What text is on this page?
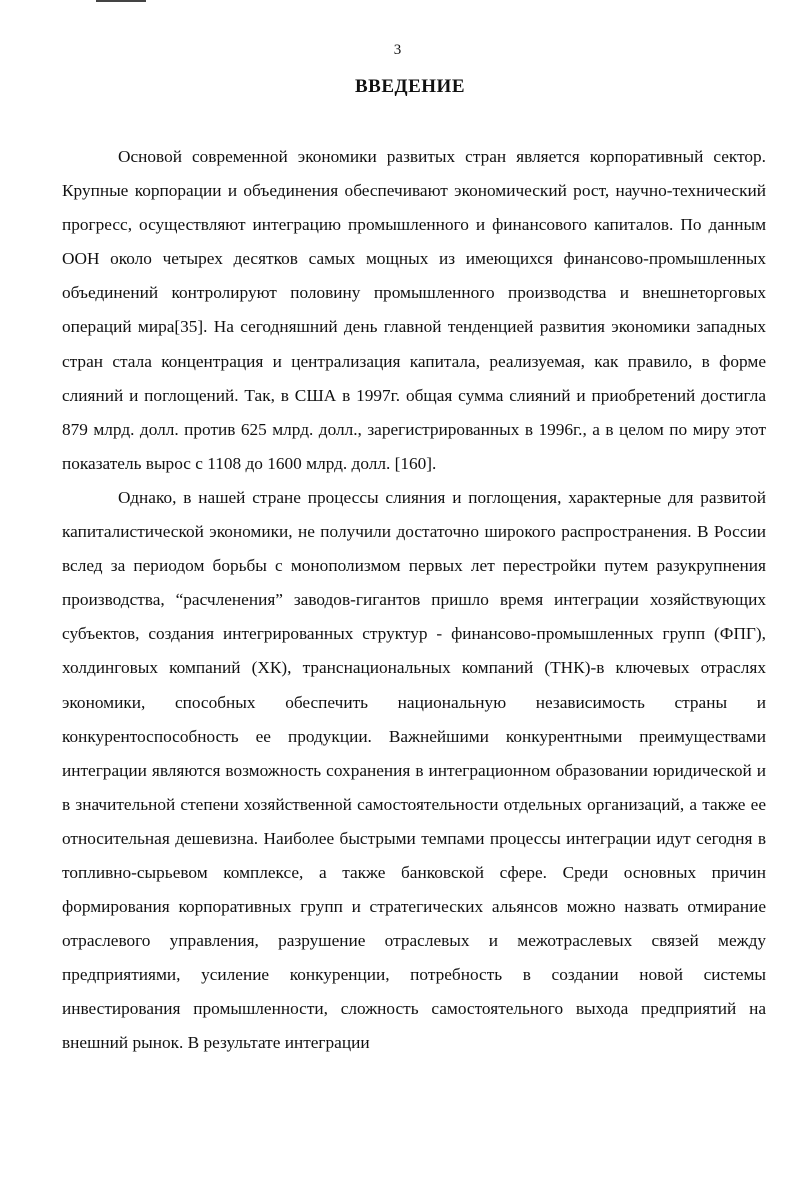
3
ВВЕДЕНИЕ

Основой современной экономики развитых стран является корпоративный сектор. Крупные корпорации и объединения обеспечивают экономический рост, научно-технический прогресс, осуществляют интеграцию промышленного и финансового капиталов. По данным ООН около четырех десятков самых мощных из имеющихся финансово-промышленных объединений контролируют половину промышленного производства и внешнеторговых операций мира[35]. На сегодняшний день главной тенденцией развития экономики западных стран стала концентрация и централизация капитала, реализуемая, как правило, в форме слияний и поглощений. Так, в США в 1997г. общая сумма слияний и приобретений достигла 879 млрд. долл. против 625 млрд. долл., зарегистрированных в 1996г., а в целом по миру этот показатель вырос с 1108 до 1600 млрд. долл. [160].

Однако, в нашей стране процессы слияния и поглощения, характерные для развитой капиталистической экономики, не получили достаточно широкого распространения. В России вслед за периодом борьбы с монополизмом первых лет перестройки путем разукрупнения производства, “расчленения” заводов-гигантов пришло время интеграции хозяйствующих субъектов, создания интегрированных структур - финансово-промышленных групп (ФПГ), холдинговых компаний (ХК), транснациональных компаний (ТНК)-в ключевых отраслях экономики, способных обеспечить национальную независимость страны и конкурентоспособность ее продукции. Важнейшими конкурентными преимуществами интеграции являются возможность сохранения в интеграционном образовании юридической и в значительной степени хозяйственной самостоятельности отдельных организаций, а также ее относительная дешевизна. Наиболее быстрыми темпами процессы интеграции идут сегодня в топливно-сырьевом комплексе, а также банковской сфере. Среди основных причин формирования корпоративных групп и стратегических альянсов можно назвать отмирание отраслевого управления, разрушение отраслевых и межотраслевых связей между предприятиями, усиление конкуренции, потребность в создании новой системы инвестирования промышленности, сложность самостоятельного выхода предприятий на внешний рынок. В результате интеграции
